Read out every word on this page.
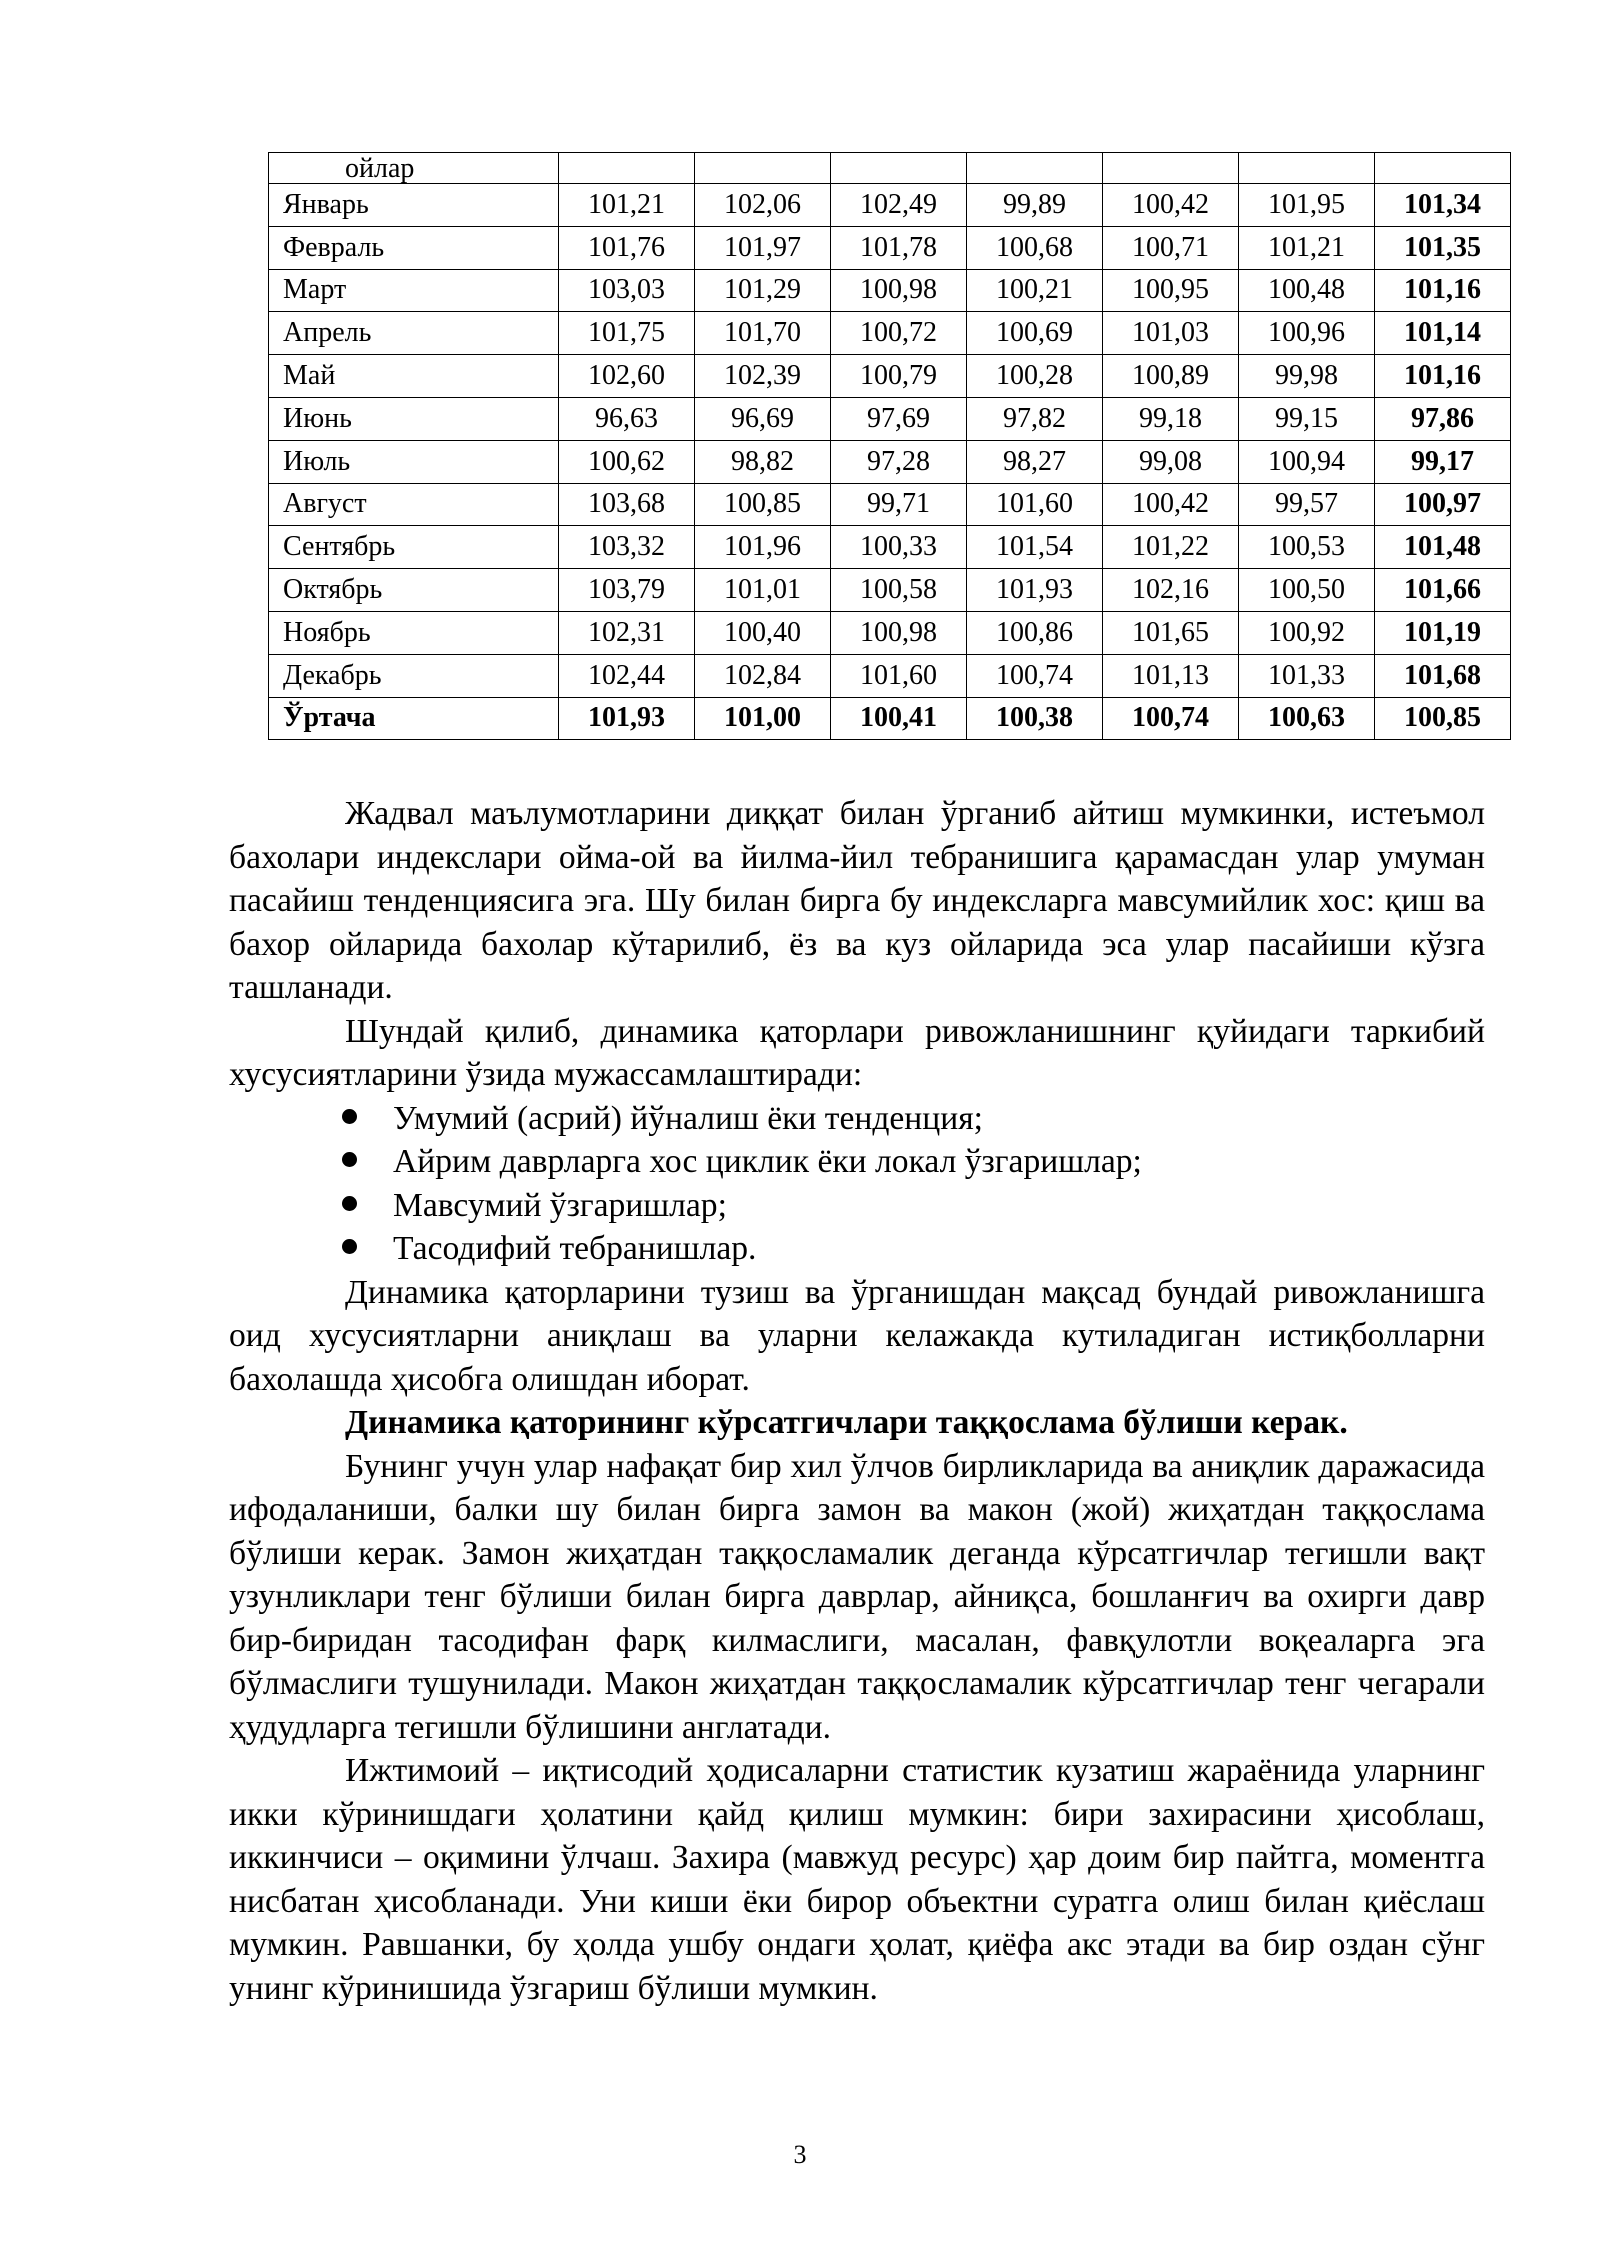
ойлар							
Январь	101,21	102,06	102,49	99,89	100,42	101,95	101,34
Февраль	101,76	101,97	101,78	100,68	100,71	101,21	101,35
Март	103,03	101,29	100,98	100,21	100,95	100,48	101,16
Апрель	101,75	101,70	100,72	100,69	101,03	100,96	101,14
Май	102,60	102,39	100,79	100,28	100,89	99,98	101,16
Июнь	96,63	96,69	97,69	97,82	99,18	99,15	97,86
Июль	100,62	98,82	97,28	98,27	99,08	100,94	99,17
Август	103,68	100,85	99,71	101,60	100,42	99,57	100,97
Сентябрь	103,32	101,96	100,33	101,54	101,22	100,53	101,48
Октябрь	103,79	101,01	100,58	101,93	102,16	100,50	101,66
Ноябрь	102,31	100,40	100,98	100,86	101,65	100,92	101,19
Декабрь	102,44	102,84	101,60	100,74	101,13	101,33	101,68
Ўртача	101,93	101,00	100,41	100,38	100,74	100,63	100,85

Жадвал маълумотларини диққат билан ўрганиб айтиш мумкинки, истеъмол бахолари индекслари ойма-ой ва йилма-йил тебранишига қарамасдан улар умуман пасайиш тенденциясига эга. Шу билан бирга бу индексларга мавсумийлик хос: қиш ва бахор ойларида бахолар кўтарилиб, ёз ва куз ойларида эса улар пасайиши кўзга ташланади.

Шундай қилиб, динамика қаторлари ривожланишнинг қуйидаги таркибий хусусиятларини ўзида мужассамлаштиради:

Умумий (асрий) йўналиш ёки тенденция;
Айрим даврларга хос циклик ёки локал ўзгаришлар;
Мавсумий ўзгаришлар;
Тасодифий тебранишлар.

Динамика қаторларини тузиш ва ўрганишдан мақсад бундай ривожланишга оид хусусиятларни аниқлаш ва уларни келажакда кутиладиган истиқболларни бахолашда ҳисобга олишдан иборат.

Динамика қаторининг кўрсатгичлари таққослама бўлиши керак.

Бунинг учун улар нафақат бир хил ўлчов бирликларида ва аниқлик даражасида ифодаланиши, балки шу билан бирга замон ва макон (жой) жиҳатдан таққослама бўлиши керак. Замон жиҳатдан таққосламалик деганда кўрсатгичлар тегишли вақт узунликлари тенг бўлиши билан бирга даврлар, айниқса, бошланғич ва охирги давр бир-биридан тасодифан фарқ килмаслиги, масалан, фавқулотли воқеаларга эга бўлмаслиги тушунилади. Макон жиҳатдан таққосламалик кўрсатгичлар тенг чегарали ҳудудларга тегишли бўлишини англатади.

Ижтимоий – иқтисодий ҳодисаларни статистик кузатиш жараёнида уларнинг икки кўринишдаги ҳолатини қайд қилиш мумкин: бири захирасини ҳисоблаш, иккинчиси – оқимини ўлчаш. Захира (мавжуд ресурс) ҳар доим бир пайтга, моментга нисбатан ҳисобланади. Уни киши ёки бирор объектни суратга олиш билан қиёслаш мумкин. Равшанки, бу ҳолда ушбу ондаги ҳолат, қиёфа акс этади ва бир оздан сўнг унинг кўринишида ўзгариш бўлиши мумкин.

3
